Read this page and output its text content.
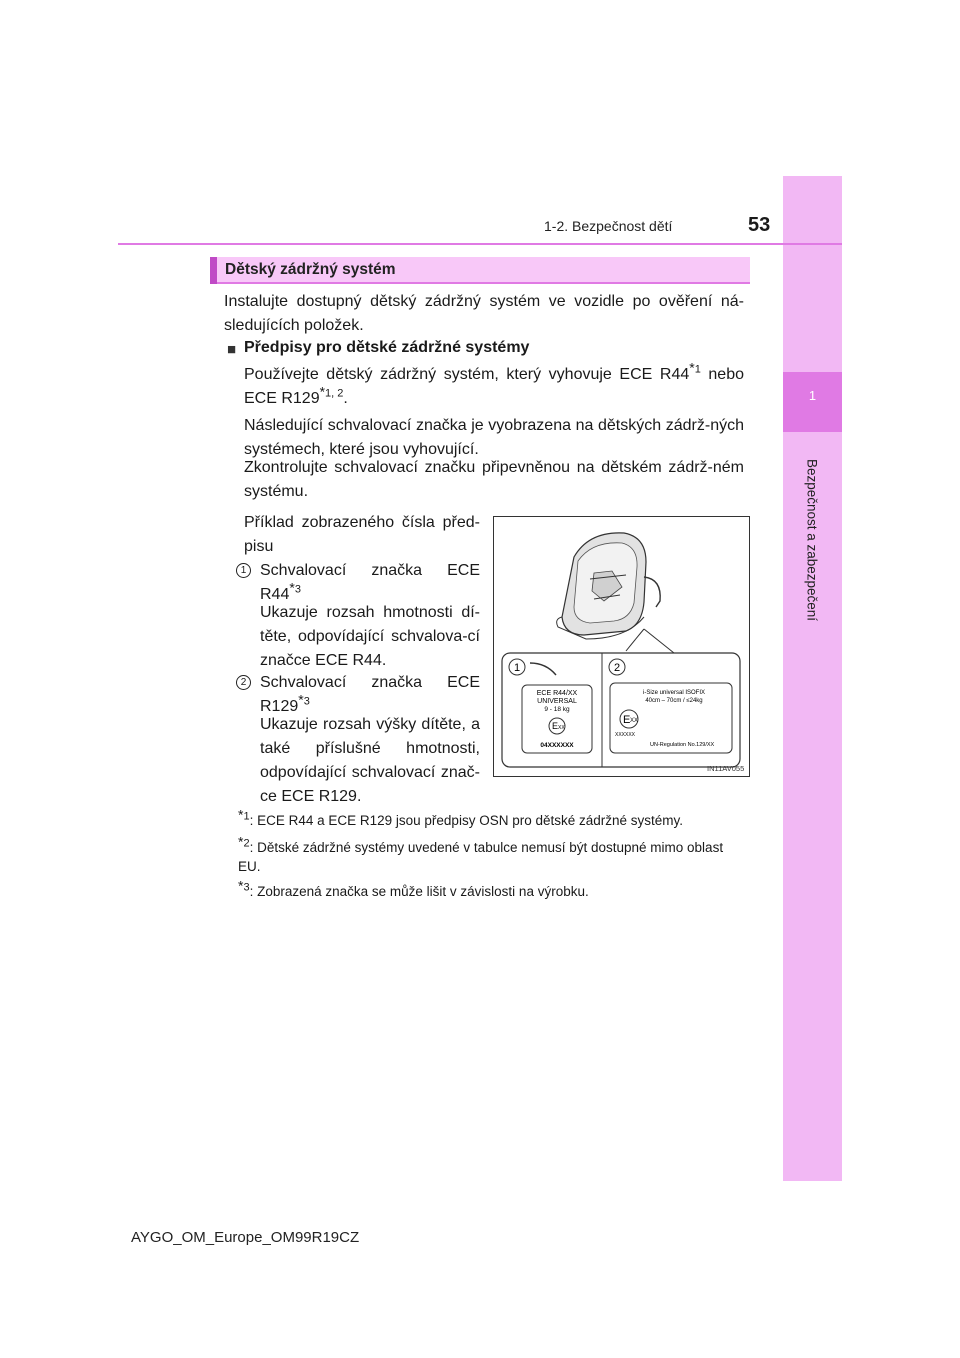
1
Bezpečnost a zabezpečení
1-2. Bezpečnost dětí	53
Dětský zádržný systém
Instalujte dostupný dětský zádržný systém ve vozidle po ověření ná-sledujících položek.
■ Předpisy pro dětské zádržné systémy
Používejte dětský zádržný systém, který vyhovuje ECE R44*$^1$ nebo ECE R129*$^{1, 2}$.
Následující schvalovací značka je vyobrazena na dětských zádrž-ných systémech, které jsou vyhovující.
Zkontrolujte schvalovací značku připevněnou na dětském zádrž-ném systému.
Příklad zobrazeného čísla před-pisu
1 Schvalovací značka ECE R44*$^3$
Ukazuje rozsah hmotnosti dí-těte, odpovídající schvalova-cí značce ECE R44.
2 Schvalovací značka ECE R129*$^3$
Ukazuje rozsah výšky dítěte, a také příslušné hmotnosti, odpovídající schvalovací znač-ce ECE R129.
1	2
ECE R44/XX
UNIVERSAL
9 - 18 kg
E XX
04XXXXXX
i-Size universal ISOFIX
40cm – 70cm / ≤24kg
E XX
XXXXXX
UN-Regulation No.129/XX
IN11AV055
*$^1$: ECE R44 a ECE R129 jsou předpisy OSN pro dětské zádržné systémy.
*$^2$: Dětské zádržné systémy uvedené v tabulce nemusí být dostupné mimo oblast EU.
*$^3$: Zobrazená značka se může lišit v závislosti na výrobku.
AYGO_OM_Europe_OM99R19CZ
